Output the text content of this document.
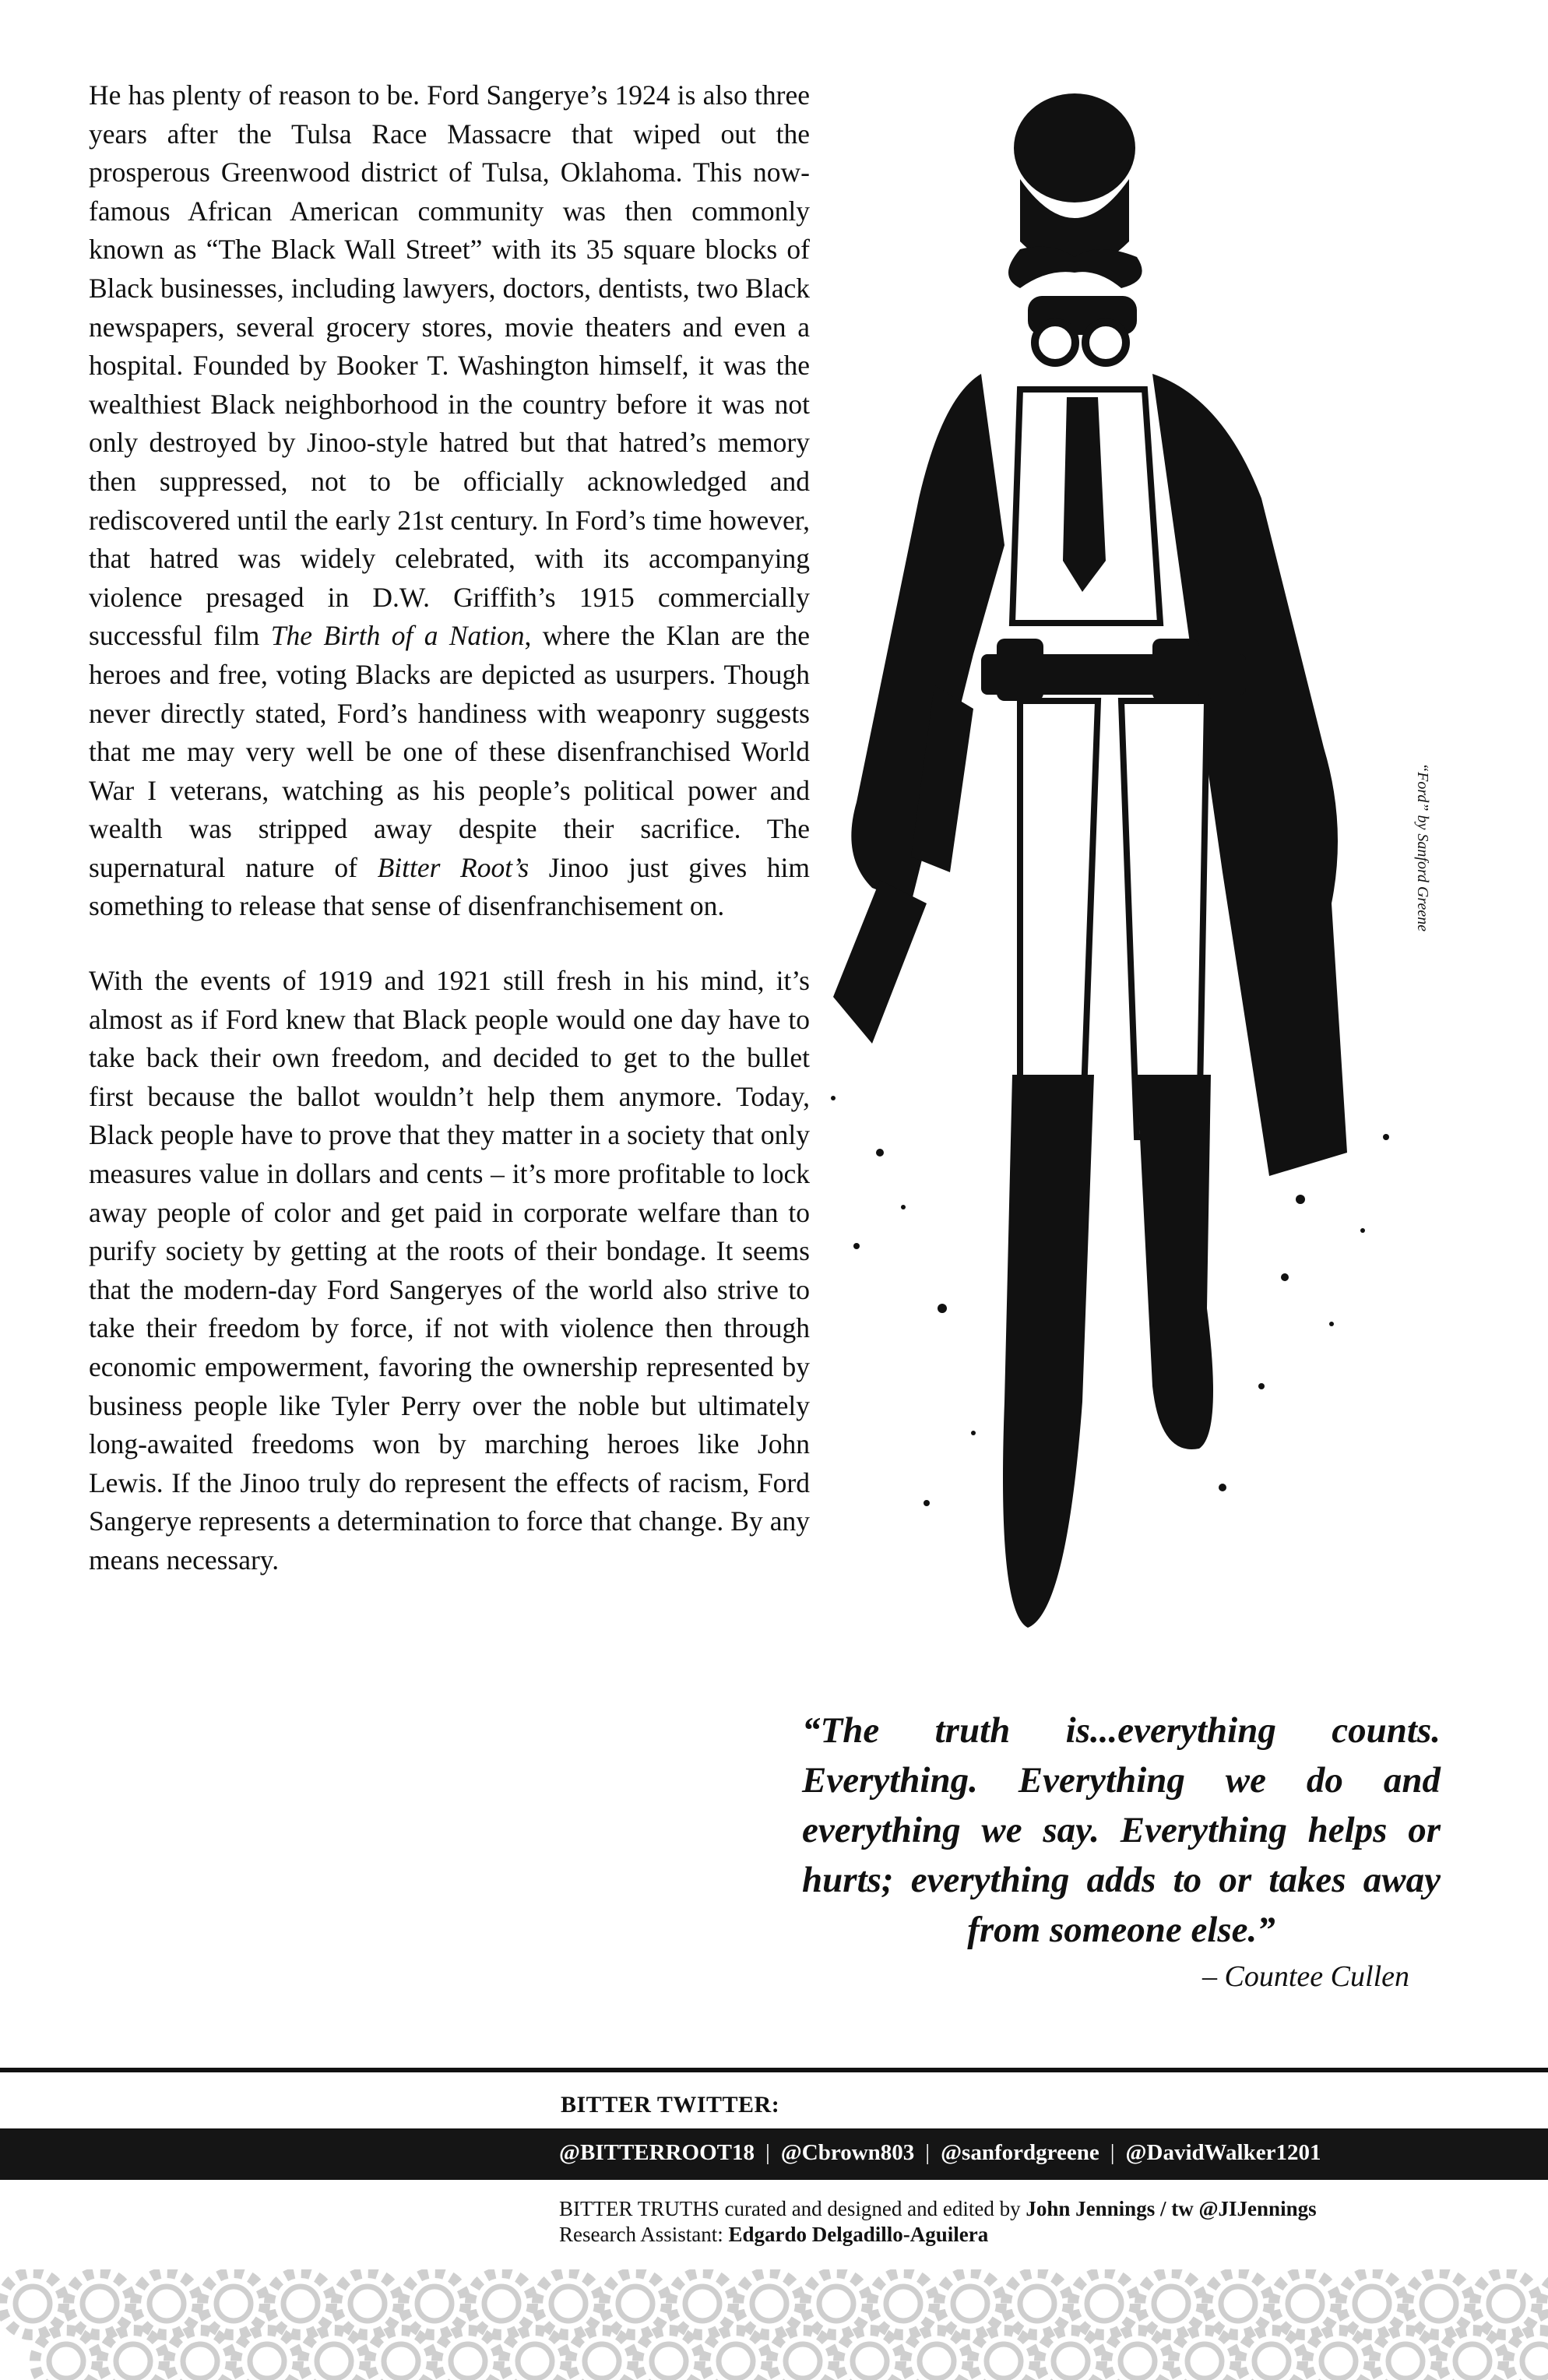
He has plenty of reason to be. Ford Sangerye’s 1924 is also three years after the Tulsa Race Massacre that wiped out the prosperous Greenwood district of Tulsa, Oklahoma. This now-famous African American community was then commonly known as “The Black Wall Street” with its 35 square blocks of Black businesses, including lawyers, doctors, dentists, two Black newspapers, several grocery stores, movie theaters and even a hospital. Founded by Booker T. Washington himself, it was the wealthiest Black neighborhood in the country before it was not only destroyed by Jinoo-style hatred but that hatred’s memory then suppressed, not to be officially acknowledged and rediscovered until the early 21st century. In Ford’s time however, that hatred was widely celebrated, with its accompanying violence presaged in D.W. Griffith’s 1915 commercially successful film The Birth of a Nation, where the Klan are the heroes and free, voting Blacks are depicted as usurpers. Though never directly stated, Ford’s handiness with weaponry suggests that me may very well be one of these disenfranchised World War I veterans, watching as his people’s political power and wealth was stripped away despite their sacrifice. The supernatural nature of Bitter Root’s Jinoo just gives him something to release that sense of disenfranchisement on.

With the events of 1919 and 1921 still fresh in his mind, it’s almost as if Ford knew that Black people would one day have to take back their own freedom, and decided to get to the bullet first because the ballot wouldn’t help them anymore. Today, Black people have to prove that they matter in a society that only measures value in dollars and cents – it’s more profitable to lock away people of color and get paid in corporate welfare than to purify society by getting at the roots of their bondage. It seems that the modern-day Ford Sangeryes of the world also strive to take their freedom by force, if not with violence then through economic empowerment, favoring the ownership represented by business people like Tyler Perry over the noble but ultimately long-awaited freedoms won by marching heroes like John Lewis. If the Jinoo truly do represent the effects of racism, Ford Sangerye represents a determination to force that change. By any means necessary.

“Ford” by Sanford Greene

“The truth is...everything counts. Everything. Everything we do and everything we say. Everything helps or hurts; everything adds to or takes away from someone else.”

– Countee Cullen
BITTER TWITTER:
@BITTERROOT18 | @Cbrown803 | @sanfordgreene | @DavidWalker1201
BITTER TRUTHS curated and designed and edited by John Jennings / tw @JIJennings
Research Assistant: Edgardo Delgadillo-Aguilera
